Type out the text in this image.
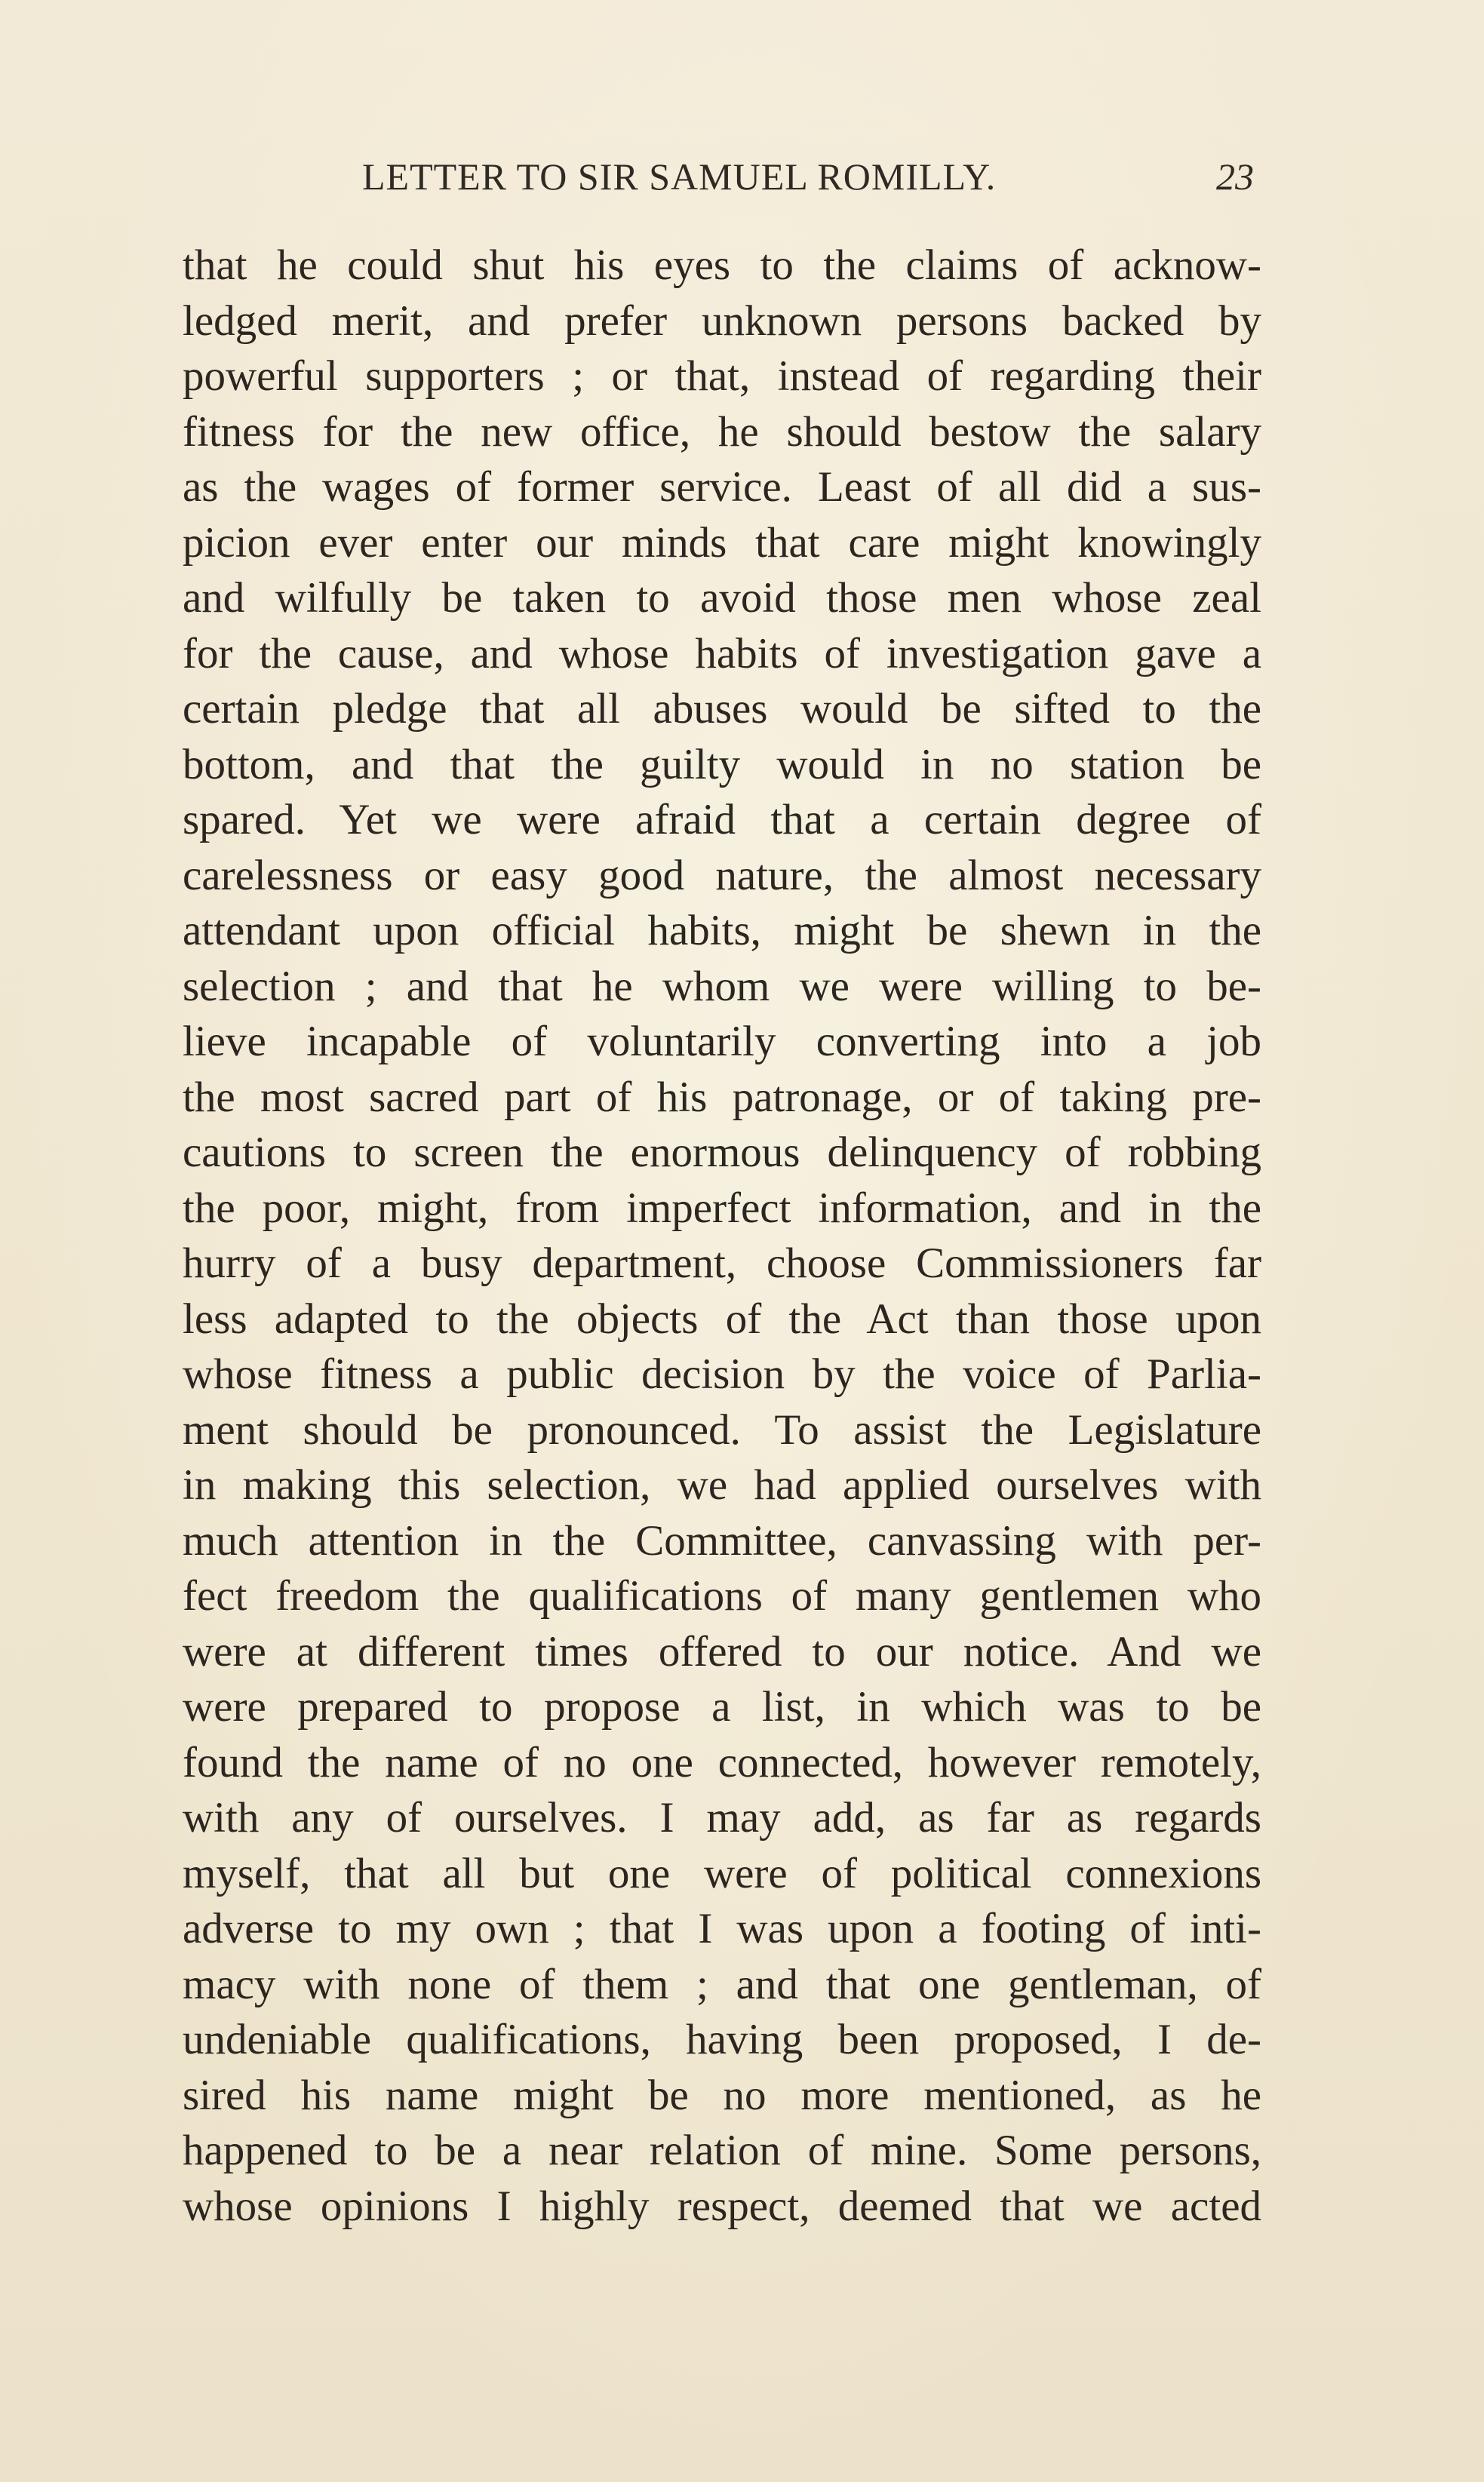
LETTER TO SIR SAMUEL ROMILLY.	23
that he could shut his eyes to the claims of acknow-
ledged merit, and prefer unknown persons backed by
powerful supporters ; or that, instead of regarding their
fitness for the new office, he should bestow the salary
as the wages of former service. Least of all did a sus-
picion ever enter our minds that care might knowingly
and wilfully be taken to avoid those men whose zeal
for the cause, and whose habits of investigation gave a
certain pledge that all abuses would be sifted to the
bottom, and that the guilty would in no station be
spared. Yet we were afraid that a certain degree of
carelessness or easy good nature, the almost necessary
attendant upon official habits, might be shewn in the
selection ; and that he whom we were willing to be-
lieve incapable of voluntarily converting into a job
the most sacred part of his patronage, or of taking pre-
cautions to screen the enormous delinquency of robbing
the poor, might, from imperfect information, and in the
hurry of a busy department, choose Commissioners far
less adapted to the objects of the Act than those upon
whose fitness a public decision by the voice of Parlia-
ment should be pronounced. To assist the Legislature
in making this selection, we had applied ourselves with
much attention in the Committee, canvassing with per-
fect freedom the qualifications of many gentlemen who
were at different times offered to our notice. And we
were prepared to propose a list, in which was to be
found the name of no one connected, however remotely,
with any of ourselves. I may add, as far as regards
myself, that all but one were of political connexions
adverse to my own ; that I was upon a footing of inti-
macy with none of them ; and that one gentleman, of
undeniable qualifications, having been proposed, I de-
sired his name might be no more mentioned, as he
happened to be a near relation of mine. Some persons,
whose opinions I highly respect, deemed that we acted
